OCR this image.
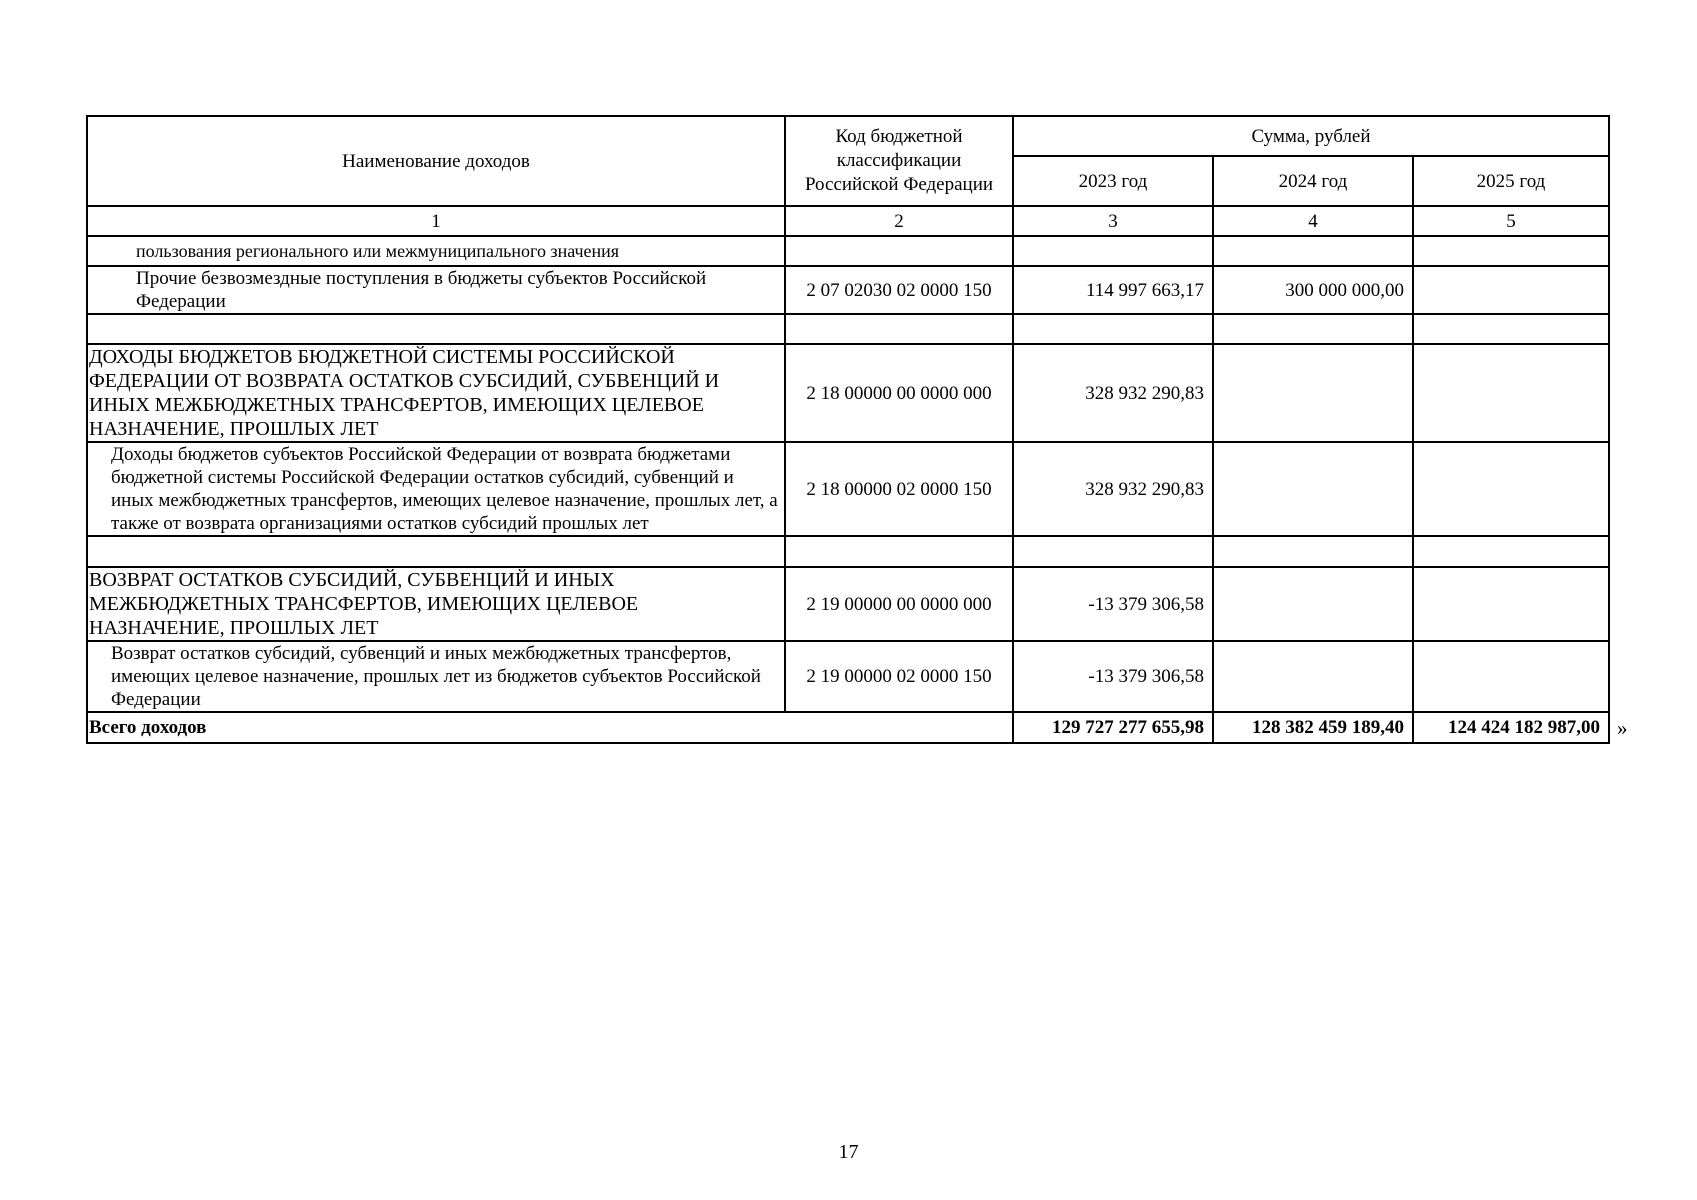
Наименование доходов	Код бюджетной классификации Российской Федерации	Сумма, рублей		
		2023 год	2024 год	2025 год
1	2	3	4	5
пользования регионального или межмуниципального значения				
Прочие безвозмездные поступления в бюджеты субъектов Российской Федерации	2 07 02030 02 0000 150	114 997 663,17	300 000 000,00	

ДОХОДЫ БЮДЖЕТОВ БЮДЖЕТНОЙ СИСТЕМЫ РОССИЙСКОЙ ФЕДЕРАЦИИ ОТ ВОЗВРАТА ОСТАТКОВ СУБСИДИЙ, СУБВЕНЦИЙ И ИНЫХ МЕЖБЮДЖЕТНЫХ ТРАНСФЕРТОВ, ИМЕЮЩИХ ЦЕЛЕВОЕ НАЗНАЧЕНИЕ, ПРОШЛЫХ ЛЕТ	2 18 00000 00 0000 000	328 932 290,83		
Доходы бюджетов субъектов Российской Федерации от возврата бюджетами бюджетной системы Российской Федерации остатков субсидий, субвенций и иных межбюджетных трансфертов, имеющих целевое назначение, прошлых лет, а также от возврата организациями остатков субсидий прошлых лет	2 18 00000 02 0000 150	328 932 290,83		

ВОЗВРАТ ОСТАТКОВ СУБСИДИЙ, СУБВЕНЦИЙ И ИНЫХ МЕЖБЮДЖЕТНЫХ ТРАНСФЕРТОВ, ИМЕЮЩИХ ЦЕЛЕВОЕ НАЗНАЧЕНИЕ, ПРОШЛЫХ ЛЕТ	2 19 00000 00 0000 000	-13 379 306,58		
Возврат остатков субсидий, субвенций и иных межбюджетных трансфертов, имеющих целевое назначение, прошлых лет из бюджетов субъектов Российской Федерации	2 19 00000 02 0000 150	-13 379 306,58		
Всего доходов		129 727 277 655,98	128 382 459 189,40	124 424 182 987,00 »
17
